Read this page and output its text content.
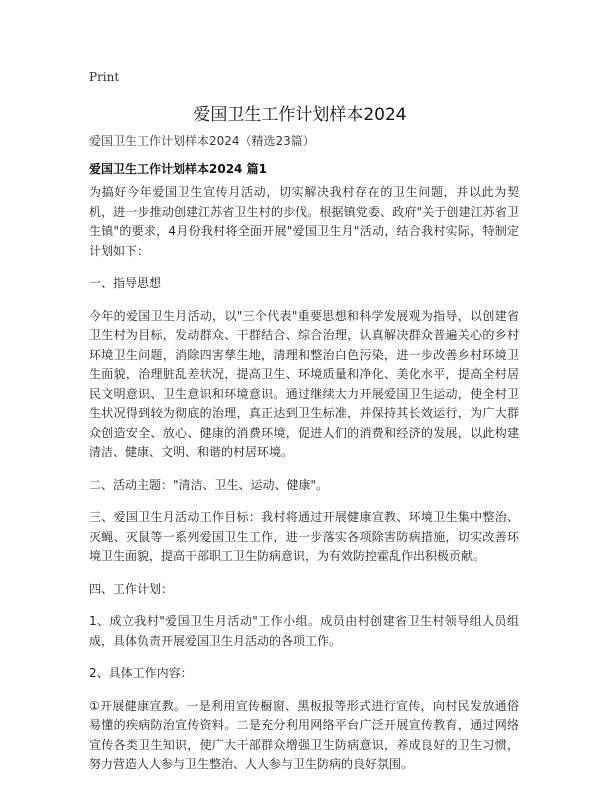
Print
爱国卫生工作计划样本2024
爱国卫生工作计划样本2024（精选23篇）
爱国卫生工作计划样本2024 篇1

为搞好今年爱国卫生宣传月活动，切实解决我村存在的卫生问题，并以此为契机，进一步推动创建江苏省卫生村的步伐。根据镇党委、政府"关于创建江苏省卫生镇"的要求，4月份我村将全面开展"爱国卫生月"活动，结合我村实际，特制定计划如下：

一、指导思想

今年的爱国卫生月活动，以"三个代表"重要思想和科学发展观为指导，以创建省卫生村为目标，发动群众、干群结合、综合治理，认真解决群众普遍关心的乡村环境卫生问题，消除四害孳生地，清理和整治白色污染，进一步改善乡村环境卫生面貌，治理脏乱差状况，提高卫生、环境质量和净化、美化水平，提高全村居民文明意识、卫生意识和环境意识。通过继续大力开展爱国卫生运动，使全村卫生状况得到较为彻底的治理，真正达到卫生标准，并保持其长效运行，为广大群众创造安全、放心、健康的消费环境，促进人们的消费和经济的发展，以此构建清洁、健康、文明、和谐的村居环境。

二、活动主题："清洁、卫生、运动、健康"。

三、爱国卫生月活动工作目标：我村将通过开展健康宣教、环境卫生集中整治、灭蝇、灭鼠等一系列爱国卫生工作，进一步落实各项除害防病措施，切实改善环境卫生面貌，提高干部职工卫生防病意识，为有效防控霍乱作出积极贡献。

四、工作计划：

1、成立我村"爱国卫生月活动"工作小组。成员由村创建省卫生村领导组人员组成，具体负责开展爱国卫生月活动的各项工作。

2、具体工作内容：

①开展健康宣教。一是利用宣传橱窗、黑板报等形式进行宣传，向村民发放通俗易懂的疾病防治宣传资料。二是充分利用网络平台广泛开展宣传教育，通过网络宣传各类卫生知识，使广大干部群众增强卫生防病意识，养成良好的卫生习惯，努力营造人人参与卫生整治、人人参与卫生防病的良好氛围。
